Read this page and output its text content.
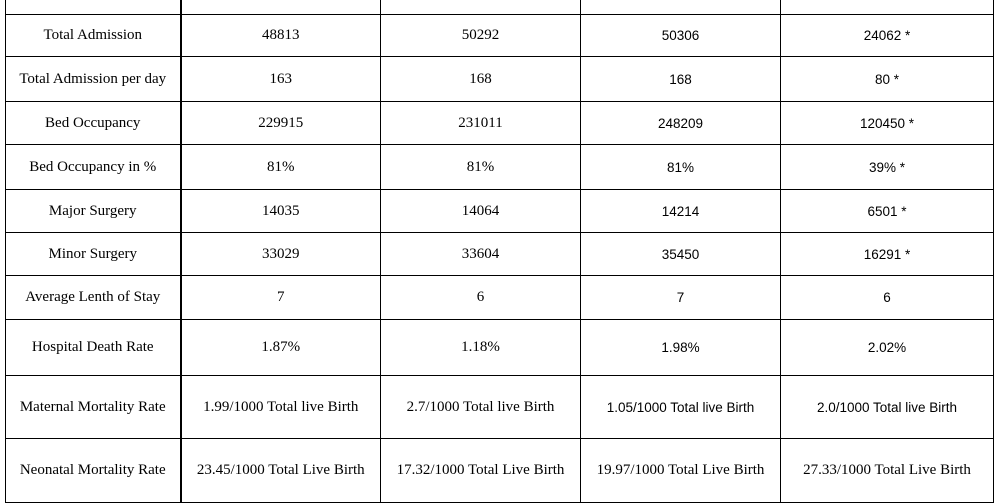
Total Admission	48813	50292	50306	24062 *
Total Admission per day	163	168	168	80 *
Bed Occupancy	229915	231011	248209	120450 *
Bed Occupancy in %	81%	81%	81%	39% *
Major Surgery	14035	14064	14214	6501 *
Minor Surgery	33029	33604	35450	16291 *
Average Lenth of Stay	7	6	7	6
Hospital Death Rate	1.87%	1.18%	1.98%	2.02%
Maternal Mortality Rate	1.99/1000 Total live Birth	2.7/1000 Total live Birth	1.05/1000 Total live Birth	2.0/1000 Total live Birth
Neonatal Mortality Rate	23.45/1000 Total Live Birth	17.32/1000 Total Live Birth	19.97/1000 Total Live Birth	27.33/1000 Total Live Birth
